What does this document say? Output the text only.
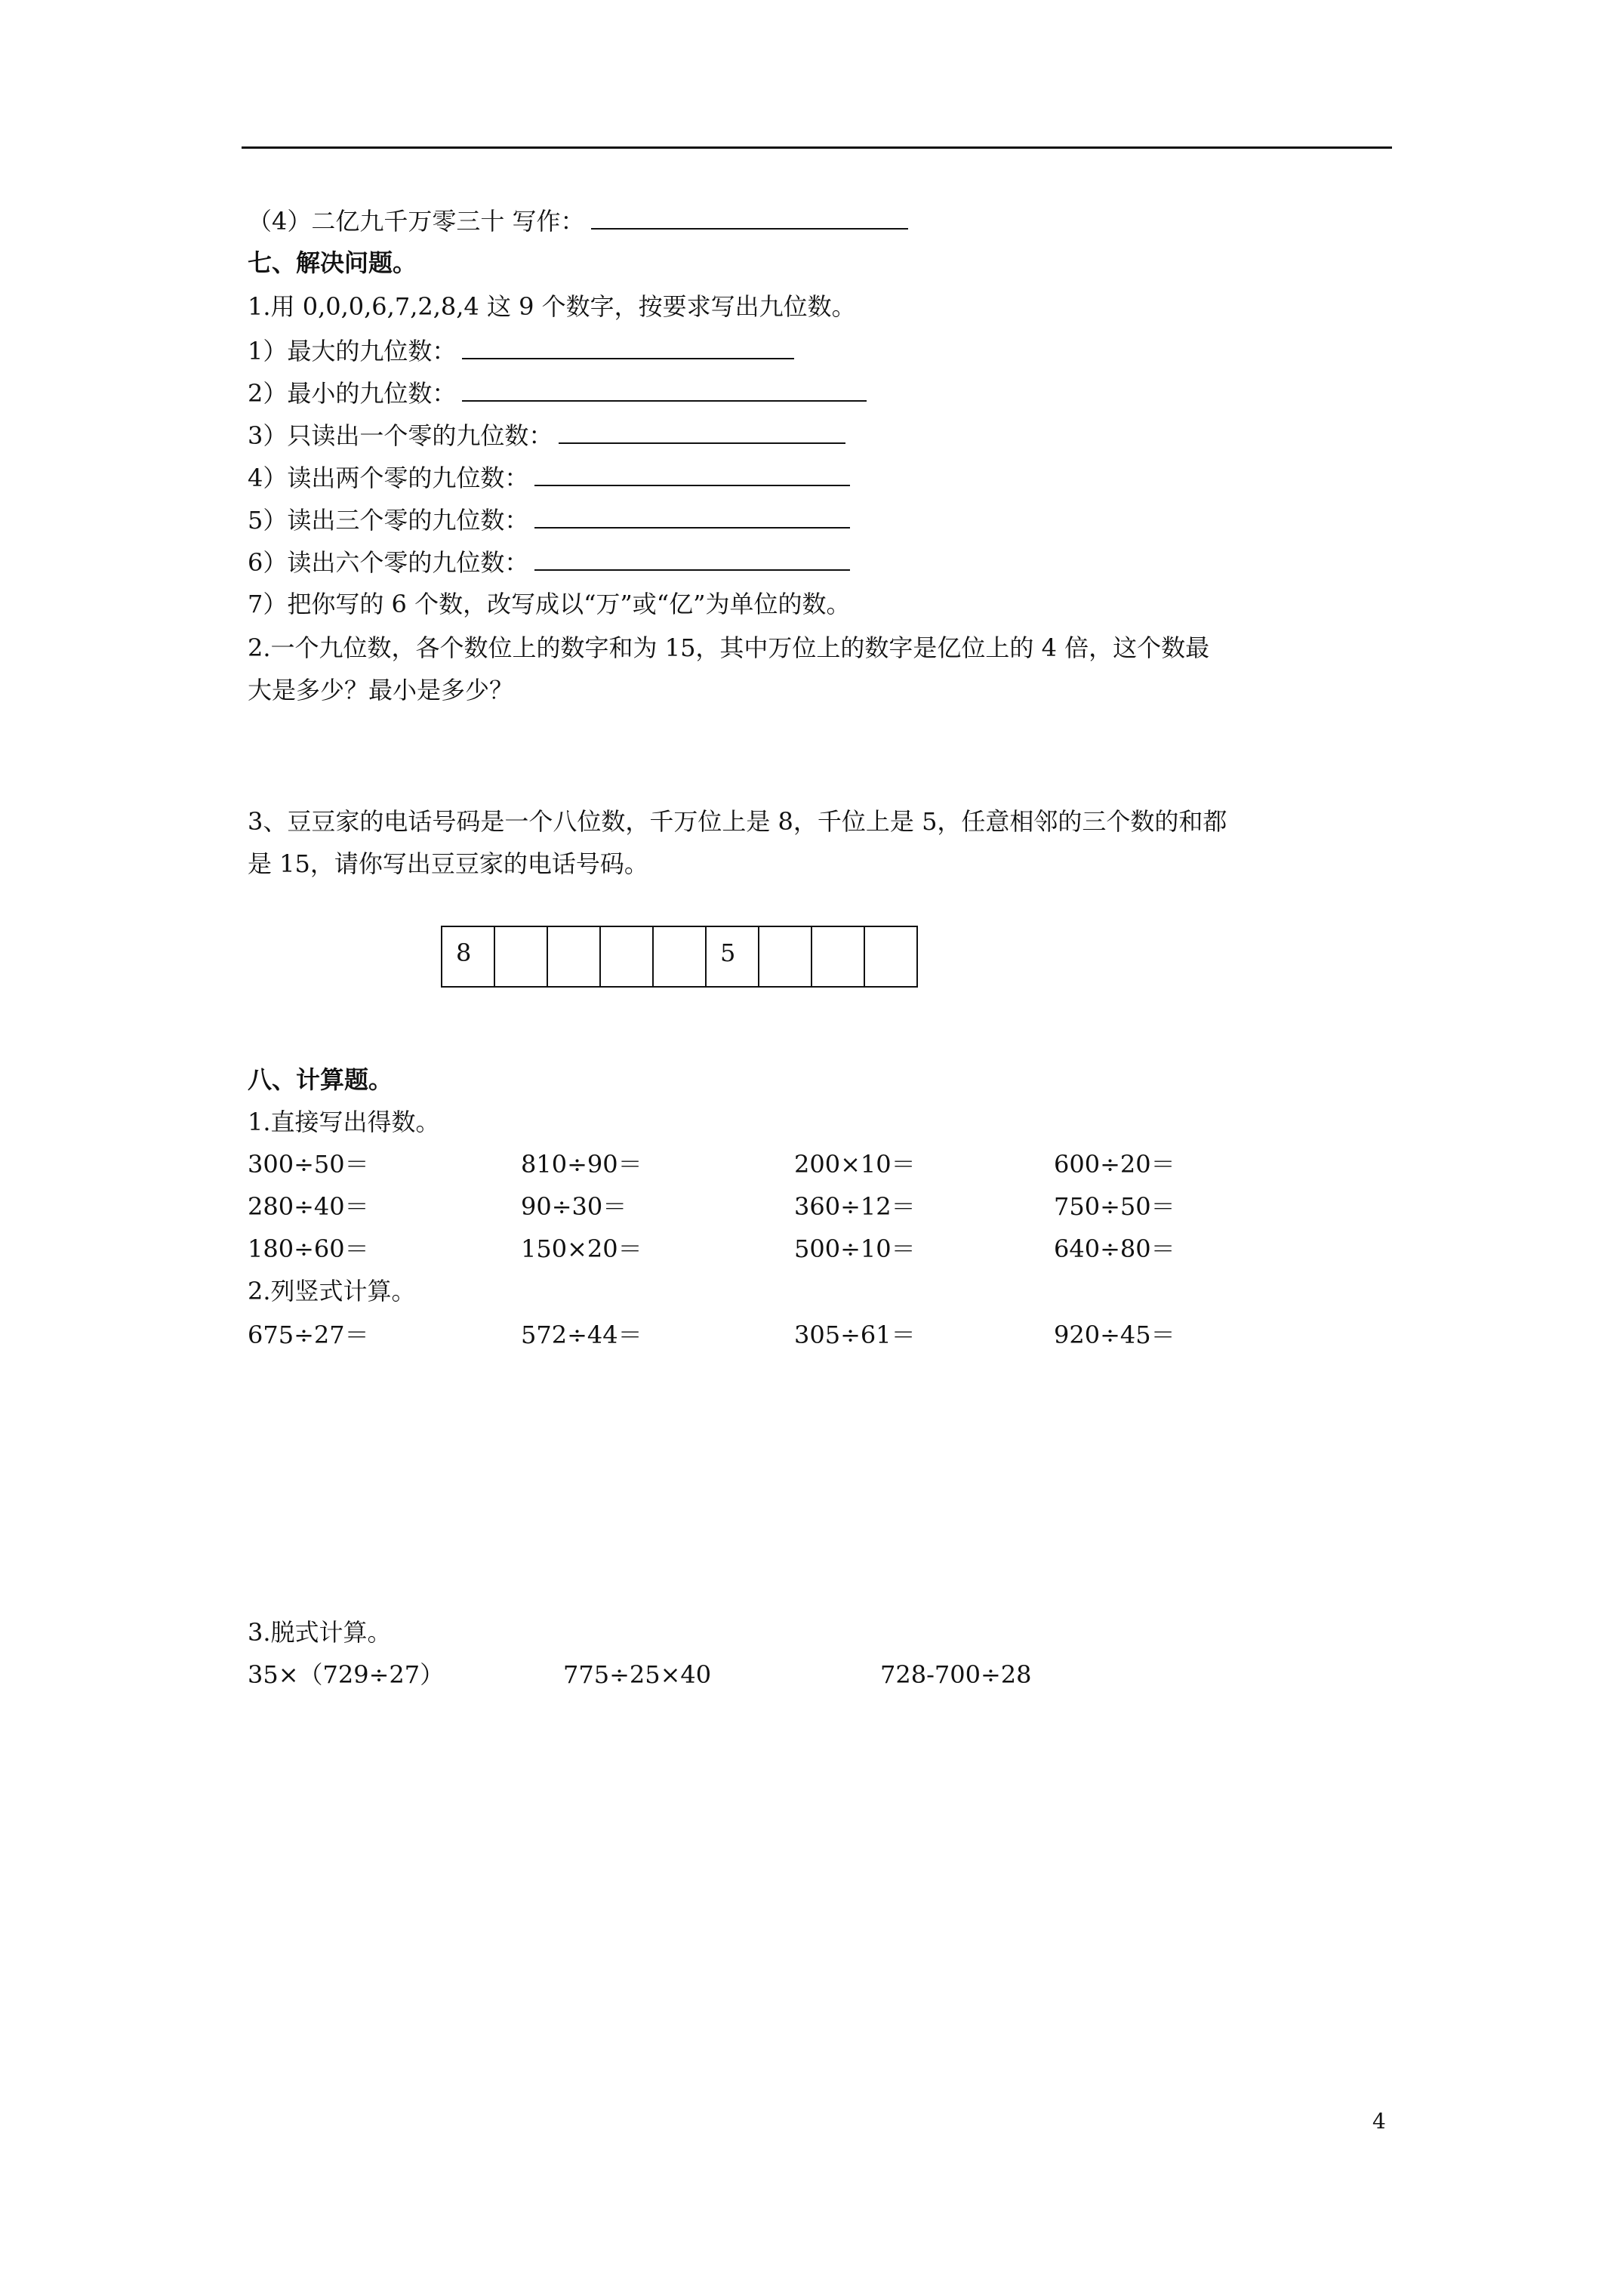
（4）二亿九千万零三十 写作：
七、解决问题。
1.用 0,0,0,6,7,2,8,4 这 9 个数字，按要求写出九位数。
1）最大的九位数：
2）最小的九位数：
3）只读出一个零的九位数：
4）读出两个零的九位数：
5）读出三个零的九位数：
6）读出六个零的九位数：
7）把你写的 6 个数，改写成以“万”或“亿”为单位的数。
2.一个九位数，各个数位上的数字和为 15，其中万位上的数字是亿位上的 4 倍，这个数最
大是多少？最小是多少？
3、豆豆家的电话号码是一个八位数，千万位上是 8，千位上是 5，任意相邻的三个数的和都
是 15，请你写出豆豆家的电话号码。
8					5			
八、计算题。
1.直接写出得数。
300÷50＝	810÷90＝	200×10＝	600÷20＝
280÷40＝	90÷30＝	360÷12＝	750÷50＝
180÷60＝	150×20＝	500÷10＝	640÷80＝
2.列竖式计算。
675÷27＝	572÷44＝	305÷61＝	920÷45＝
3.脱式计算。
35×（729÷27）	775÷25×40	728-700÷28
4
